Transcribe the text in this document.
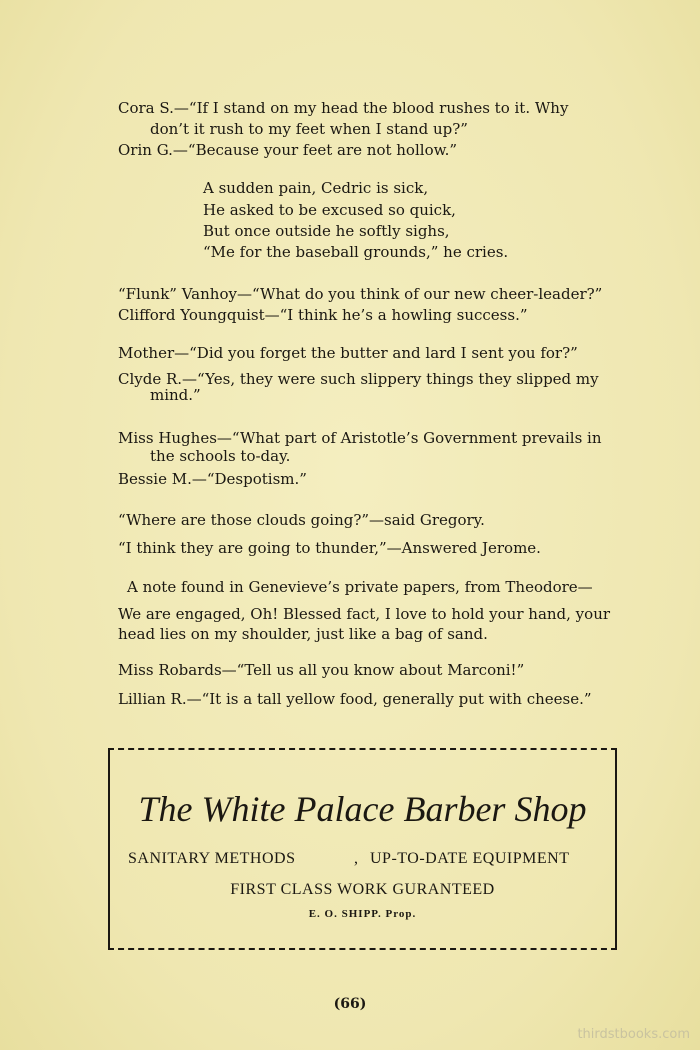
Cora S.—“If I stand on my head the blood rushes to it. Why
don’t it rush to my feet when I stand up?”
Orin G.—“Because your feet are not hollow.”
A sudden pain, Cedric is sick,
He asked to be excused so quick,
But once outside he softly sighs,
“Me for the baseball grounds,” he cries.
“Flunk” Vanhoy—“What do you think of our new cheer-leader?”
Clifford Youngquist—“I think he’s a howling success.”
Mother—“Did you forget the butter and lard I sent you for?”
Clyde R.—“Yes, they were such slippery things they slipped my
mind.”
Miss Hughes—“What part of Aristotle’s Government prevails in
the schools to-day.
Bessie M.—“Despotism.”
“Where are those clouds going?”—said Gregory.
“I think they are going to thunder,”—Answered Jerome.
A note found in Genevieve’s private papers, from Theodore—
We are engaged, Oh! Blessed fact, I love to hold your hand, your
head lies on my shoulder, just like a bag of sand.
Miss Robards—“Tell us all you know about Marconi!”
Lillian R.—“It is a tall yellow food, generally put with cheese.”
The White Palace Barber Shop
SANITARY METHODS	, UP-TO-DATE EQUIPMENT
FIRST CLASS WORK GURANTEED
E. O. SHIPP. Prop.
(66)
thirdstbooks.com
